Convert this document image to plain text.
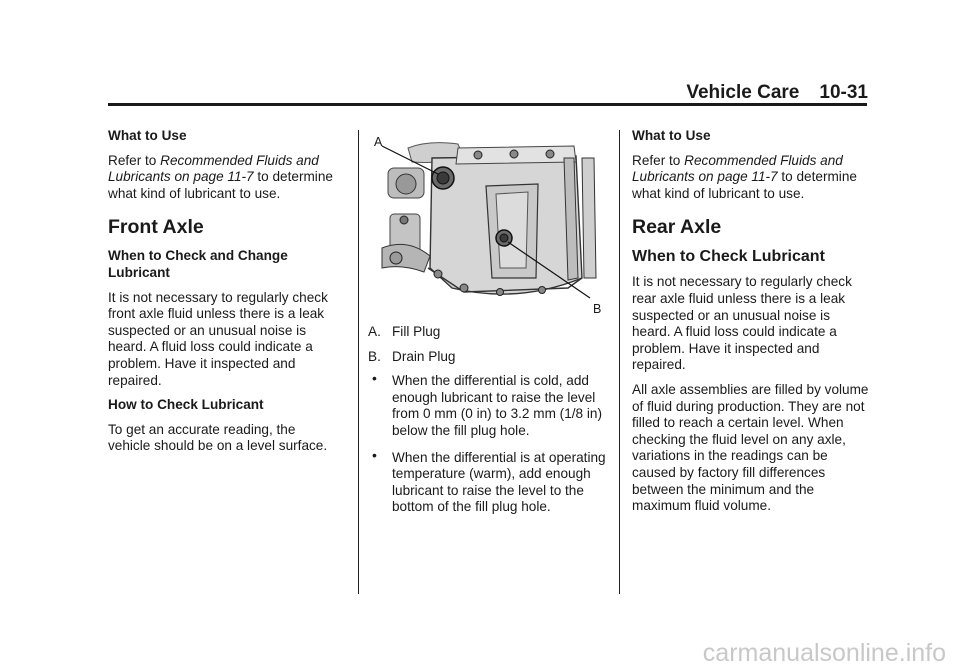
Vehicle Care 10-31
What to Use

Refer to Recommended Fluids and Lubricants on page 11-7 to determine what kind of lubricant to use.

Front Axle
When to Check and Change Lubricant

It is not necessary to regularly check front axle fluid unless there is a leak suspected or an unusual noise is heard. A fluid loss could indicate a problem. Have it inspected and repaired.

How to Check Lubricant

To get an accurate reading, the vehicle should be on a level surface.

A
B

A. Fill Plug

B. Drain Plug

• When the differential is cold, add enough lubricant to raise the level from 0 mm (0 in) to 3.2 mm (1/8 in) below the fill plug hole.
• When the differential is at operating temperature (warm), add enough lubricant to raise the level to the bottom of the fill plug hole.
What to Use

Refer to Recommended Fluids and Lubricants on page 11-7 to determine what kind of lubricant to use.

Rear Axle
When to Check Lubricant

It is not necessary to regularly check rear axle fluid unless there is a leak suspected or an unusual noise is heard. A fluid loss could indicate a problem. Have it inspected and repaired.

All axle assemblies are filled by volume of fluid during production. They are not filled to reach a certain level. When checking the fluid level on any axle, variations in the readings can be caused by factory fill differences between the minimum and the maximum fluid volume.

carmanualsonline.info
